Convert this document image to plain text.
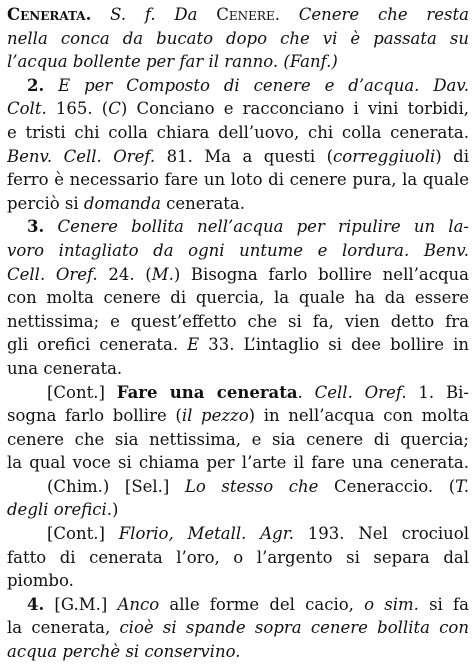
Cenerata. S. f. Da Cenere. Cenere che resta
nella conca da bucato dopo che vi è passata su
l’acqua bollente per far il ranno. (Fanf.)
2. E per Composto di cenere e d’acqua. Dav.
Colt. 165. (C) Conciano e racconciano i vini torbidi,
e tristi chi colla chiara dell’uovo, chi colla cenerata.
Benv. Cell. Oref. 81. Ma a questi (correggiuoli) di
ferro è necessario fare un loto di cenere pura, la quale
perciò si domanda cenerata.
3. Cenere bollita nell’acqua per ripulire un la-
voro intagliato da ogni untume e lordura. Benv.
Cell. Oref. 24. (M.) Bisogna farlo bollire nell’acqua
con molta cenere di quercia, la quale ha da essere
nettissima; e quest’effetto che si fa, vien detto fra
gli orefici cenerata. E 33. L’intaglio si dee bollire in
una cenerata.
[Cont.] Fare una cenerata. Cell. Oref. 1. Bi-
sogna farlo bollire (il pezzo) in nell’acqua con molta
cenere che sia nettissima, e sia cenere di quercia;
la qual voce si chiama per l’arte il fare una cenerata.
(Chim.) [Sel.] Lo stesso che Ceneraccio. (T.
degli orefici.)
[Cont.] Florio, Metall. Agr. 193. Nel crociuol
fatto di cenerata l’oro, o l’argento si separa dal
piombo.
4. [G.M.] Anco alle forme del cacio, o sim. si fa
la cenerata, cioè si spande sopra cenere bollita con
acqua perchè si conservino.
